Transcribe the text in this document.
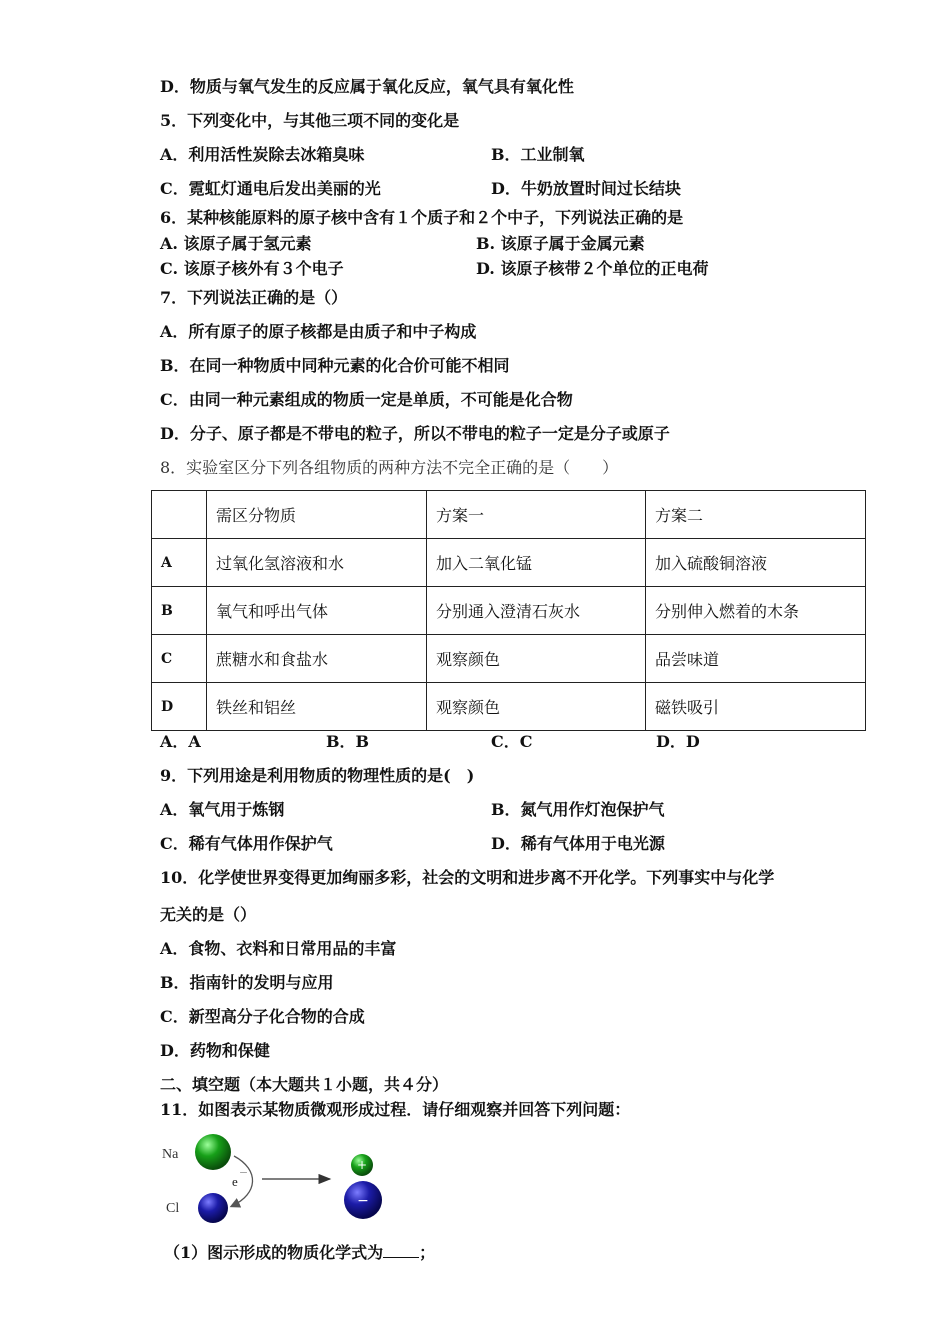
D．物质与氧气发生的反应属于氧化反应，氧气具有氧化性
5．下列变化中，与其他三项不同的变化是
A．利用活性炭除去冰箱臭味	B．工业制氧
C．霓虹灯通电后发出美丽的光	D．牛奶放置时间过长结块
6．某种核能原料的原子核中含有１个质子和２个中子，下列说法正确的是
A. 该原子属于氢元素	B. 该原子属于金属元素
C. 该原子核外有３个电子	D. 该原子核带２个单位的正电荷
7．下列说法正确的是（）
A．所有原子的原子核都是由质子和中子构成
B．在同一种物质中同种元素的化合价可能不相同
C．由同一种元素组成的物质一定是单质，不可能是化合物
D．分子、原子都是不带电的粒子，所以不带电的粒子一定是分子或原子
8．实验室区分下列各组物质的两种方法不完全正确的是（　　）
	需区分物质	方案一	方案二
A	过氧化氢溶液和水	加入二氧化锰	加入硫酸铜溶液
B	氧气和呼出气体	分别通入澄清石灰水	分别伸入燃着的木条
C	蔗糖水和食盐水	观察颜色	品尝味道
D	铁丝和铝丝	观察颜色	磁铁吸引
A．A	B．B	C．C	D．D
9．下列用途是利用物质的物理性质的是(　)
A．氧气用于炼钢	B．氮气用作灯泡保护气
C．稀有气体用作保护气	D．稀有气体用于电光源
10．化学使世界变得更加绚丽多彩，社会的文明和进步离不开化学。下列事实中与化学
无关的是（）
A．食物、衣料和日常用品的丰富
B．指南针的发明与应用
C．新型高分子化合物的合成
D．药物和保健
二、填空题（本大题共１小题，共４分）
11．如图表示某物质微观形成过程．请仔细观察并回答下列问题：
Na
Cl
e
－
+
−
（1）图示形成的物质化学式为 ；
